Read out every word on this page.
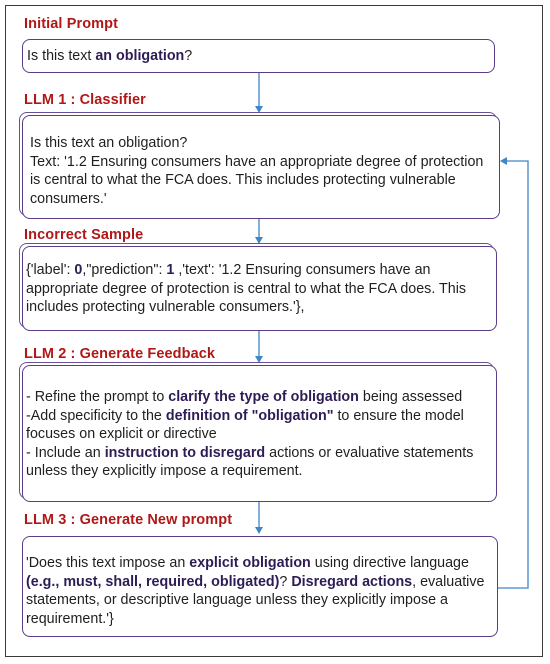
Initial Prompt
Is this text an obligation?
LLM 1 : Classifier
Is this text an obligation?
Text: '1.2 Ensuring consumers have an appropriate degree of protection
is central to what the FCA does. This includes protecting vulnerable
consumers.'
Incorrect Sample
{'label': 0,"prediction": 1 ,'text': '1.2 Ensuring consumers have an
appropriate degree of protection is central to what the FCA does. This
includes protecting vulnerable consumers.'},
LLM 2 : Generate Feedback
- Refine the prompt to clarify the type of obligation being assessed
-Add specificity to the definition of "obligation" to ensure the model
focuses on explicit or directive
- Include an instruction to disregard actions or evaluative statements
unless they explicitly impose a requirement.
LLM 3 : Generate New prompt
'Does this text impose an explicit obligation using directive language
(e.g., must, shall, required, obligated)? Disregard actions, evaluative
statements, or descriptive language unless they explicitly impose a
requirement.'}
